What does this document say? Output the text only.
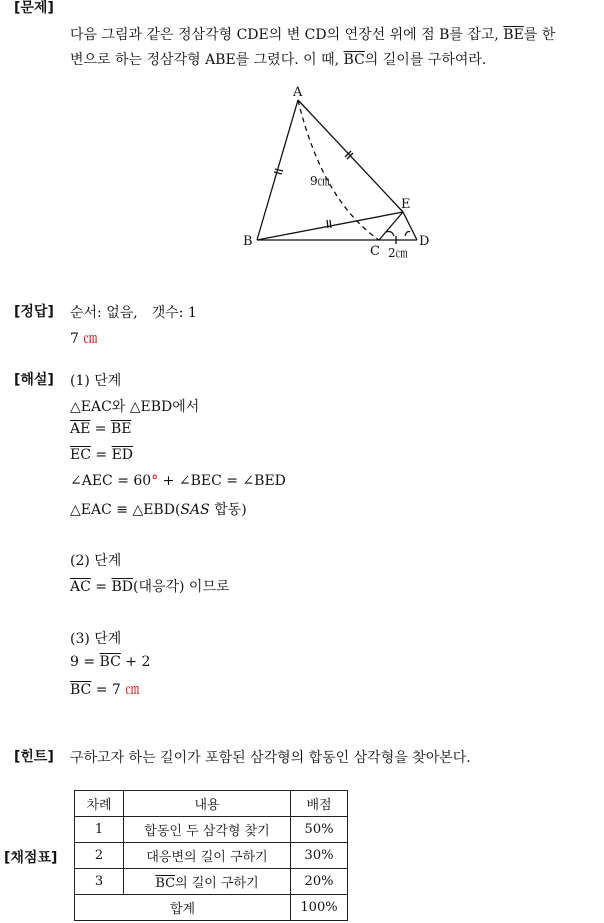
[문제]
다음 그림과 같은 정삼각형 CDE의 변 CD의 연장선 위에 점 B를 잡고, $\overline{BE}$를 한
변으로 하는 정삼각형 ABE를 그렸다. 이 때, $\overline{BC}$의 길이를 구하여라.
A
B
C
D
E
9㎝
2㎝
[정답] 순서: 없음,　갯수: 1
7 ㎝
[해설] (1) 단계
△EAC와 △EBD에서
$\overline{AE} = \overline{BE}$
$\overline{EC} = \overline{ED}$
∠AEC = 60° + ∠BEC = ∠BED
△EAC ≡ △EBD(SAS 합동)
(2) 단계
$\overline{AC} = \overline{BD}$(대응각) 이므로
(3) 단계
$9 = \overline{BC} + 2$
$\overline{BC} = 7$ ㎝
[힌트] 구하고자 하는 길이가 포함된 삼각형의 합동인 삼각형을 찾아본다.
[채점표]
차례	내용	배점
1	합동인 두 삼각형 찾기	50%
2	대응변의 길이 구하기	30%
3	$\overline{BC}$의 길이 구하기	20%
합계		100%
